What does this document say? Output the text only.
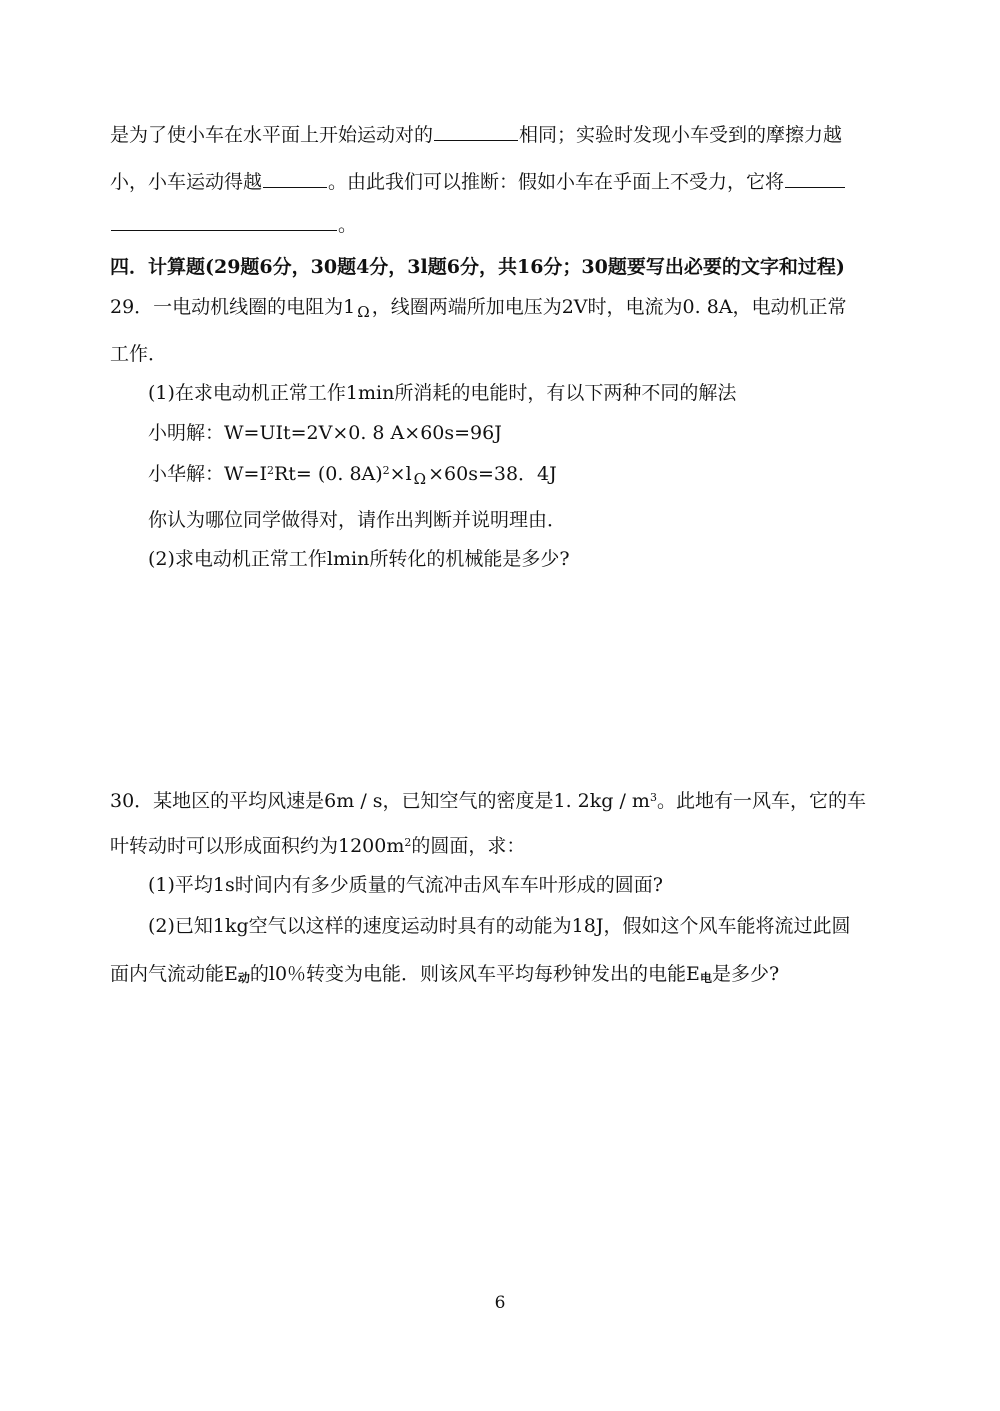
是为了使小车在水平面上开始运动对的	相同；实验时发现小车受到的摩擦力越
小，小车运动得越	。由此我们可以推断：假如小车在乎面上不受力，它将
。
四．计算题(29题6分，30题4分，3l题6分，共16分；30题要写出必要的文字和过程)
29．一电动机线圈的电阻为1 $_\Omega$ ，线圈两端所加电压为2V时，电流为0. 8A，电动机正常
工作．
(1)在求电动机正常工作1min所消耗的电能时，有以下两种不同的解法
小明解：W=UIt=2V×0. 8 A×60s=96J
小华解：$W=I^2Rt= (0$. 8A)$^2$×l $_\Omega$ ×60s=38．4J
你认为哪位同学做得对，请作出判断并说明理由．
(2)求电动机正常工作lmin所转化的机械能是多少?
30．某地区的平均风速是6m / s，已知空气的密度是1. $2kg / m^3$。此地有一风车，它的车
叶转动时可以形成面积约为$1200m^2$的圆面，求：
(1)平均1s时间内有多少质量的气流冲击风车车叶形成的圆面?
(2)已知1kg空气以这样的速度运动时具有的动能为18J，假如这个风车能将流过此圆
面内气流动能E动的l0％转变为电能．则该风车平均每秒钟发出的电能E电是多少?
6
